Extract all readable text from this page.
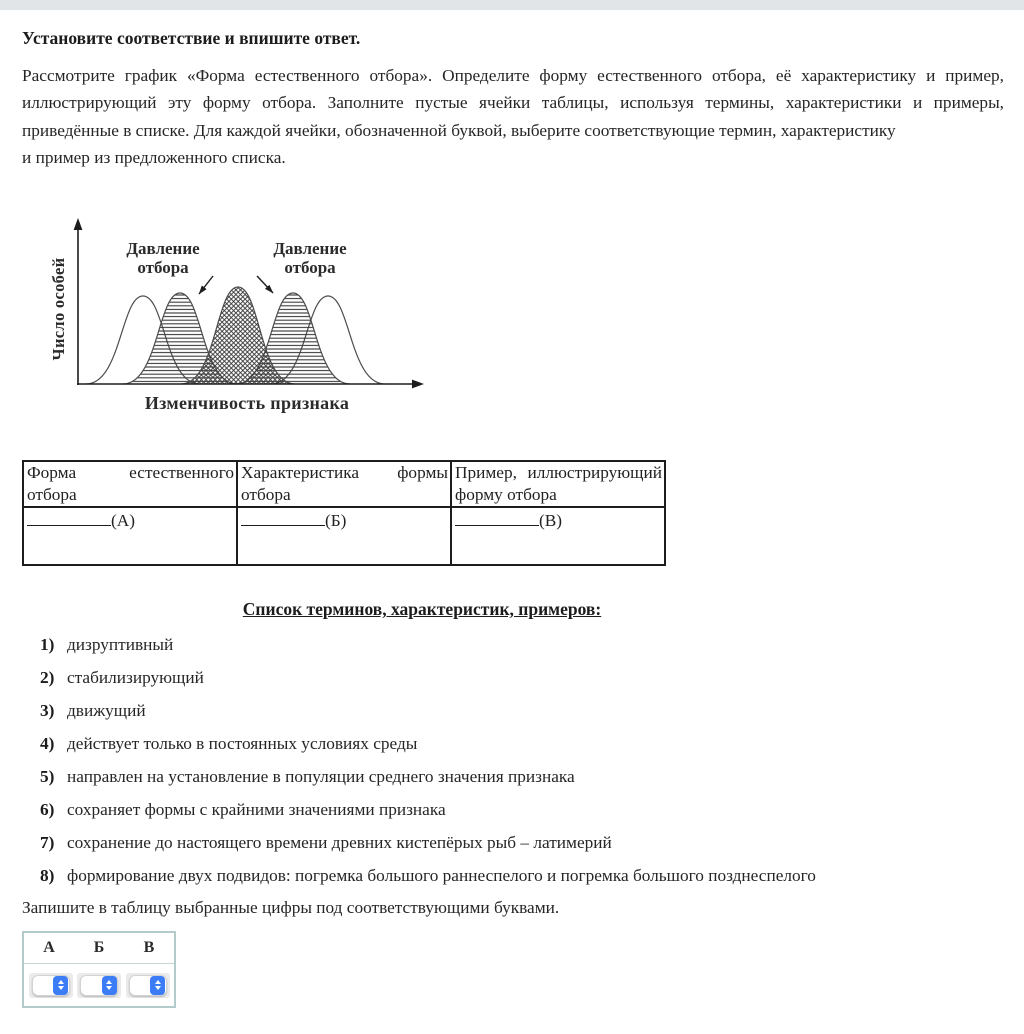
Установите соответствие и впишите ответ.
Рассмотрите график «Форма естественного отбора». Определите форму естественного отбора, её характеристику и пример,
иллюстрирующий эту форму отбора. Заполните пустые ячейки таблицы, используя термины, характеристики и примеры,
приведённые в списке. Для каждой ячейки, обозначенной буквой, выберите соответствующие термин, характеристику
и пример из предложенного списка.
Число особей
Давление отбора
Давление отбора
Изменчивость признака
Форма естественного отбора	Характеристика формы отбора	Пример, иллюстрирующий форму отбора
(А)	(Б)	(В)
Список терминов, характеристик, примеров:
1) дизруптивный
2) стабилизирующий
3) движущий
4) действует только в постоянных условиях среды
5) направлен на установление в популяции среднего значения признака
6) сохраняет формы с крайними значениями признака
7) сохранение до настоящего времени древних кистепёрых рыб – латимерий
8) формирование двух подвидов: погремка большого раннеспелого и погремка большого позднеспелого
Запишите в таблицу выбранные цифры под соответствующими буквами.
А	Б	В
